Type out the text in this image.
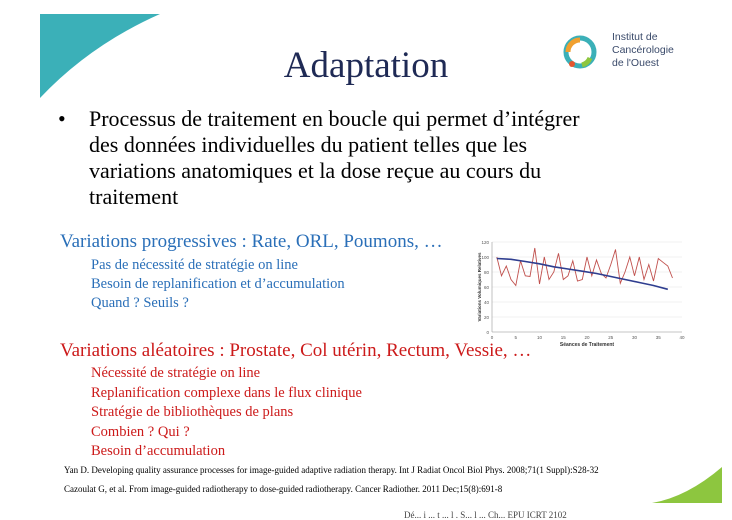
Adaptation
Institut de
Cancérologie
de l'Ouest
• Processus de traitement en boucle qui permet d’intégrer
des données individuelles du patient telles que les
variations anatomiques et la dose reçue au cours du
traitement
Variations progressives : Rate, ORL, Poumons, …
Pas de nécessité de stratégie on line
Besoin de replanification et d’accumulation
Quand ? Seuils ?
0
20
40
60
80
100
120
0	5	10	15	20	25	30	35	40
Séances de Traitement
Variations Volumiques Relatives
Variations aléatoires : Prostate, Col utérin, Rectum, Vessie, …
Nécessité de stratégie on line
Replanification complexe dans le flux clinique
Stratégie de bibliothèques de plans
Combien ? Qui ?
Besoin d’accumulation
Yan D. Developing quality assurance processes for image-guided adaptive radiation therapy. Int J Radiat Oncol Biol Phys. 2008;71(1 Suppl):S28-32
Cazoulat G, et al. From image-guided radiotherapy to dose-guided radiotherapy. Cancer Radiother. 2011 Dec;15(8):691-8
Dé... i ... t ... l . S... l ... Ch... EPU ICRT 2102
